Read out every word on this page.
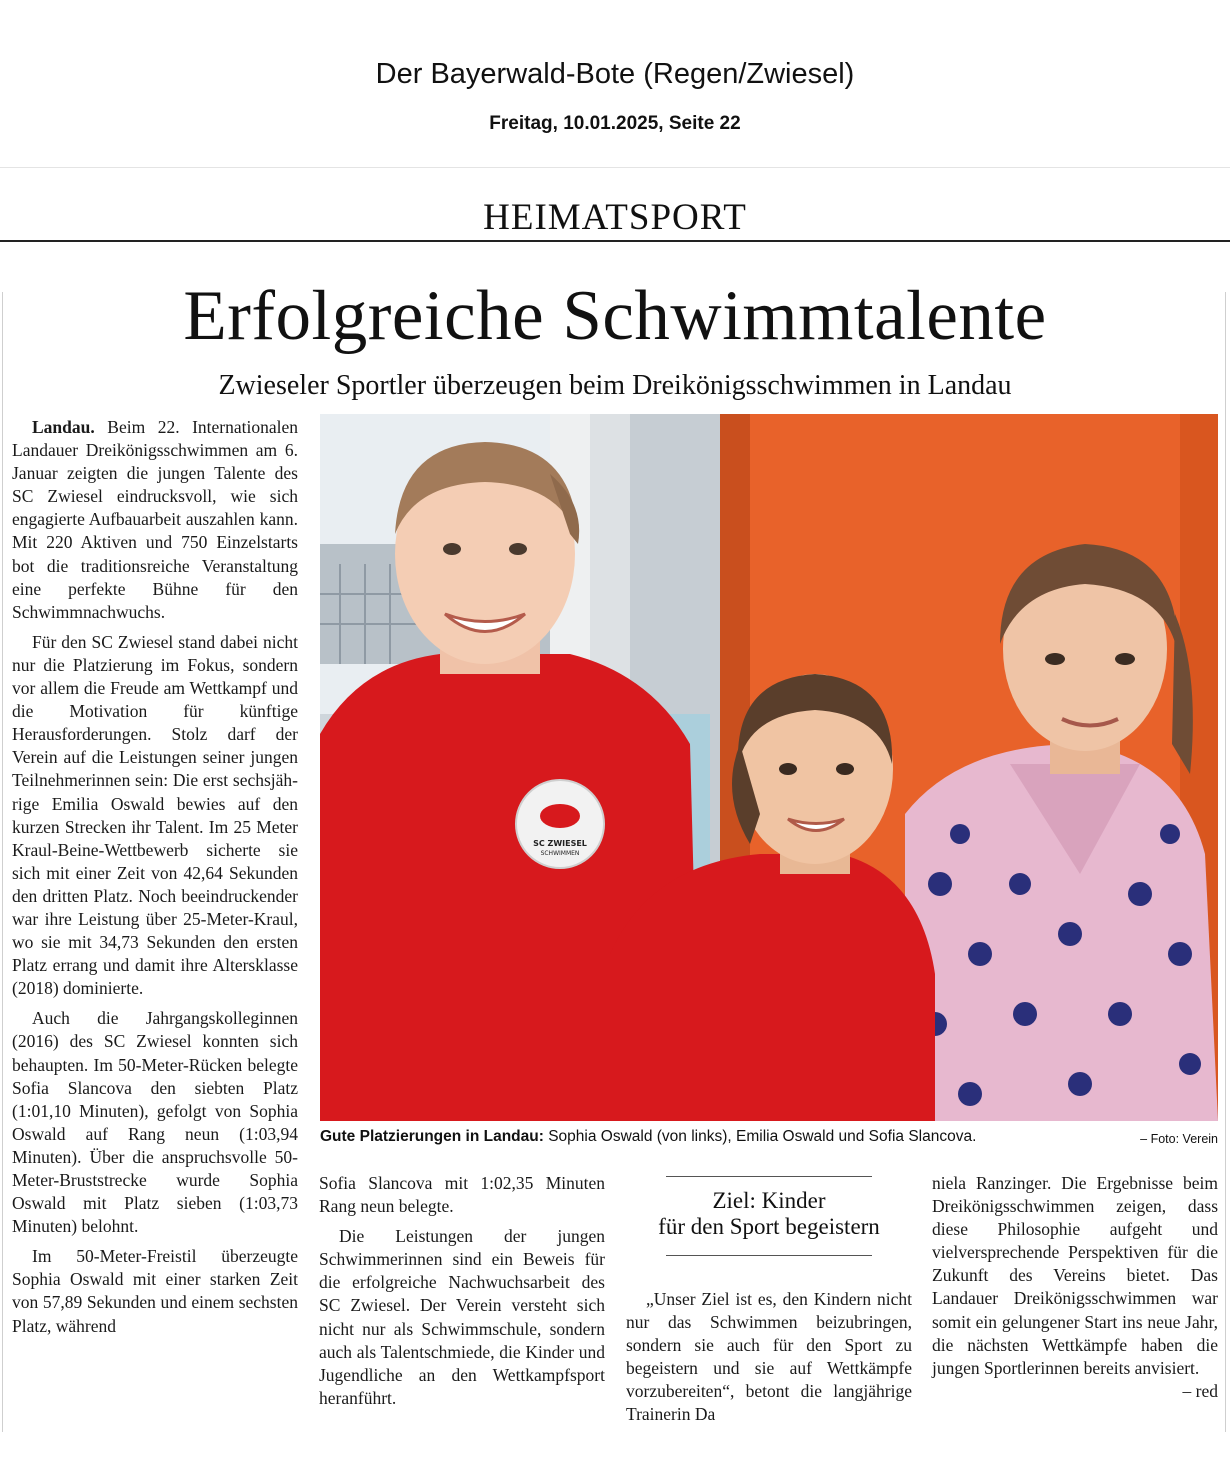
Der Bayerwald-Bote (Regen/Zwiesel)
Freitag, 10.01.2025, Seite 22
HEIMATSPORT
Erfolgreiche Schwimmtalente
Zwieseler Sportler überzeugen beim Dreikönigsschwimmen in Landau

Landau. Beim 22. Internationalen Landauer Dreikönigsschwimmen am 6. Januar zeigten die jungen Talente des SC Zwiesel eindrucksvoll, wie sich engagierte Aufbauarbeit auszahlen kann. Mit 220 Aktiven und 750 Einzelstarts bot die traditionsreiche Veranstaltung eine perfekte Bühne für den Schwimmnachwuchs.

Für den SC Zwiesel stand dabei nicht nur die Platzierung im Fokus, sondern vor allem die Freude am Wettkampf und die Motivation für künftige Herausforderungen. Stolz darf der Verein auf die Leistungen seiner jungen Teilnehmerinnen sein: Die erst sechsjährige Emilia Oswald bewies auf den kurzen Strecken ihr Talent. Im 25 Meter Kraul-Beine-Wettbewerb sicherte sie sich mit einer Zeit von 42,64 Sekunden den dritten Platz. Noch beeindruckender war ihre Leistung über 25-Meter-Kraul, wo sie mit 34,73 Sekunden den ersten Platz errang und damit ihre Altersklasse (2018) dominierte.

Auch die Jahrgangskolleginnen (2016) des SC Zwiesel konnten sich behaupten. Im 50-Meter-Rücken belegte Sofia Slancova den siebten Platz (1:01,10 Minuten), gefolgt von Sophia Oswald auf Rang neun (1:03,94 Minuten). Über die anspruchsvolle 50-Meter-Bruststrecke wurde Sophia Oswald mit Platz sieben (1:03,73 Minuten) belohnt.

Im 50-Meter-Freistil überzeugte Sophia Oswald mit einer starken Zeit von 57,89 Sekunden und einem sechsten Platz, während

SC ZWIESEL
SCHWIMMEN
Gute Platzierungen in Landau: Sophia Oswald (von links), Emilia Oswald und Sofia Slancova.	– Foto: Verein

Sofia Slancova mit 1:02,35 Minuten Rang neun belegte.

Die Leistungen der jungen Schwimmerinnen sind ein Beweis für die erfolgreiche Nachwuchsarbeit des SC Zwiesel. Der Verein versteht sich nicht nur als Schwimmschule, sondern auch als Talentschmiede, die Kinder und Jugendliche an den Wettkampfsport heranführt.

Ziel: Kinder
für den Sport begeistern

„Unser Ziel ist es, den Kindern nicht nur das Schwimmen beizubringen, sondern sie auch für den Sport zu begeistern und sie auf Wettkämpfe vorzubereiten“, betont die langjährige Trainerin Da

niela Ranzinger. Die Ergebnisse beim Dreikönigsschwimmen zeigen, dass diese Philosophie aufgeht und vielversprechende Perspektiven für die Zukunft des Vereins bietet. Das Landauer Dreikönigsschwimmen war somit ein gelungener Start ins neue Jahr, die nächsten Wettkämpfe haben die jungen Sportlerinnen bereits anvisiert.
– red
